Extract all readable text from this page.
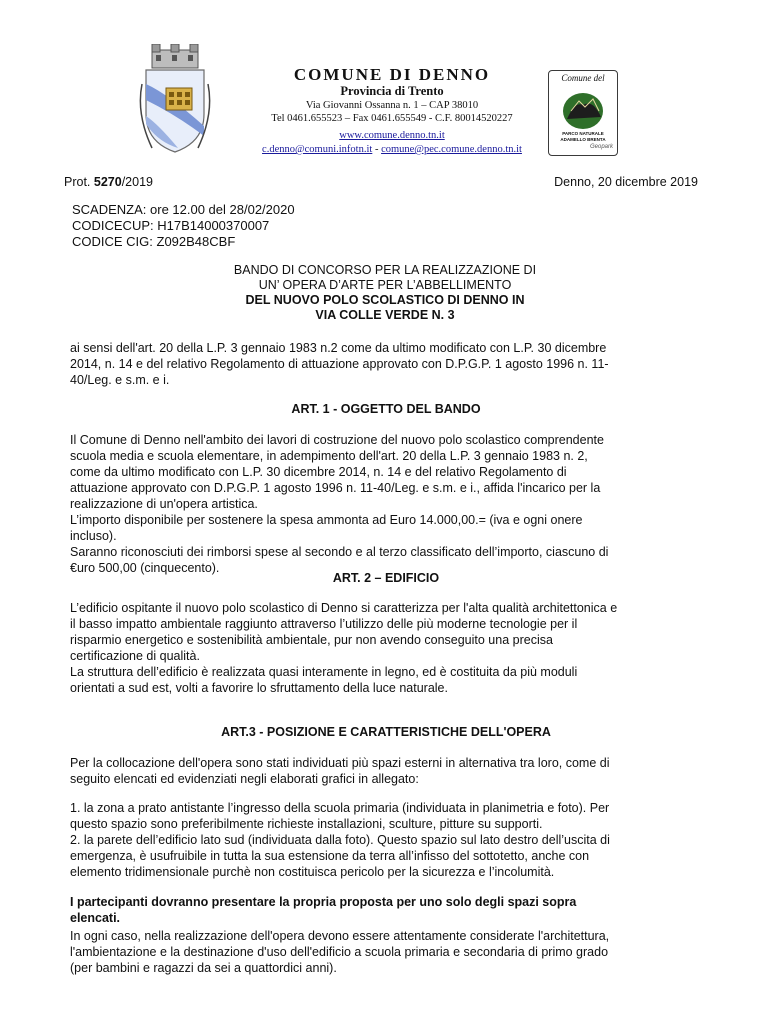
COMUNE DI DENNO
Provincia di Trento
Via Giovanni Ossanna n. 1 – CAP 38010
Tel 0461.655523 – Fax 0461.655549 - C.F. 80014520227
www.comune.denno.tn.it
c.denno@comuni.infotn.it - comune@pec.comune.denno.tn.it
Comune del
PARCO NATURALE ADAMELLO BRENTA
Geopark
Prot. 5270/2019	Denno, 20 dicembre 2019
SCADENZA: ore 12.00 del 28/02/2020
CODICECUP: H17B14000370007
CODICE CIG: Z092B48CBF
BANDO DI CONCORSO PER LA REALIZZAZIONE DI
UN’ OPERA D’ARTE PER L’ABBELLIMENTO
DEL NUOVO POLO SCOLASTICO DI DENNO IN
VIA COLLE VERDE N. 3
ai sensi dell'art. 20 della L.P. 3 gennaio 1983 n.2 come da ultimo modificato con L.P. 30 dicembre
2014, n. 14 e del relativo Regolamento di attuazione approvato con D.P.G.P. 1 agosto 1996 n. 11-
40/Leg. e s.m. e i.
ART. 1 - OGGETTO DEL BANDO
Il Comune di Denno nell'ambito dei lavori di costruzione del nuovo polo scolastico comprendente
scuola media e scuola elementare, in adempimento dell'art. 20 della L.P. 3 gennaio 1983 n. 2,
come da ultimo modificato con L.P. 30 dicembre 2014, n. 14 e del relativo Regolamento di
attuazione approvato con D.P.G.P. 1 agosto 1996 n. 11-40/Leg. e s.m. e i., affida l'incarico per la
realizzazione di un'opera artistica.
L’importo disponibile per sostenere la spesa ammonta ad Euro 14.000,00.= (iva e ogni onere
incluso).
Saranno riconosciuti dei rimborsi spese al secondo e al terzo classificato dell’importo, ciascuno di
€uro 500,00 (cinquecento).
ART. 2 – EDIFICIO
L’edificio ospitante il nuovo polo scolastico di Denno si caratterizza per l'alta qualità architettonica e
il basso impatto ambientale raggiunto attraverso l’utilizzo delle più moderne tecnologie per il
risparmio energetico e sostenibilità ambientale, pur non avendo conseguito una precisa
certificazione di qualità.
La struttura dell’edificio è realizzata quasi interamente in legno, ed è costituita da più moduli
orientati a sud est, volti a favorire lo sfruttamento della luce naturale.
ART.3 - POSIZIONE E CARATTERISTICHE DELL'OPERA
Per la collocazione dell'opera sono stati individuati più spazi esterni in alternativa tra loro, come di
seguito elencati ed evidenziati negli elaborati grafici in allegato:
1. la zona a prato antistante l’ingresso della scuola primaria (individuata in planimetria e foto). Per
questo spazio sono preferibilmente richieste installazioni, sculture, pitture su supporti.
2. la parete dell’edificio lato sud (individuata dalla foto). Questo spazio sul lato destro dell’uscita di
emergenza, è usufruibile in tutta la sua estensione da terra all’infisso del sottotetto, anche con
elemento tridimensionale purchè non costituisca pericolo per la sicurezza e l’incolumità.
I partecipanti dovranno presentare la propria proposta per uno solo degli spazi sopra
elencati.
In ogni caso, nella realizzazione dell'opera devono essere attentamente considerate l'architettura,
l'ambientazione e la destinazione d'uso dell'edificio a scuola primaria e secondaria di primo grado
(per bambini e ragazzi da sei a quattordici anni).
